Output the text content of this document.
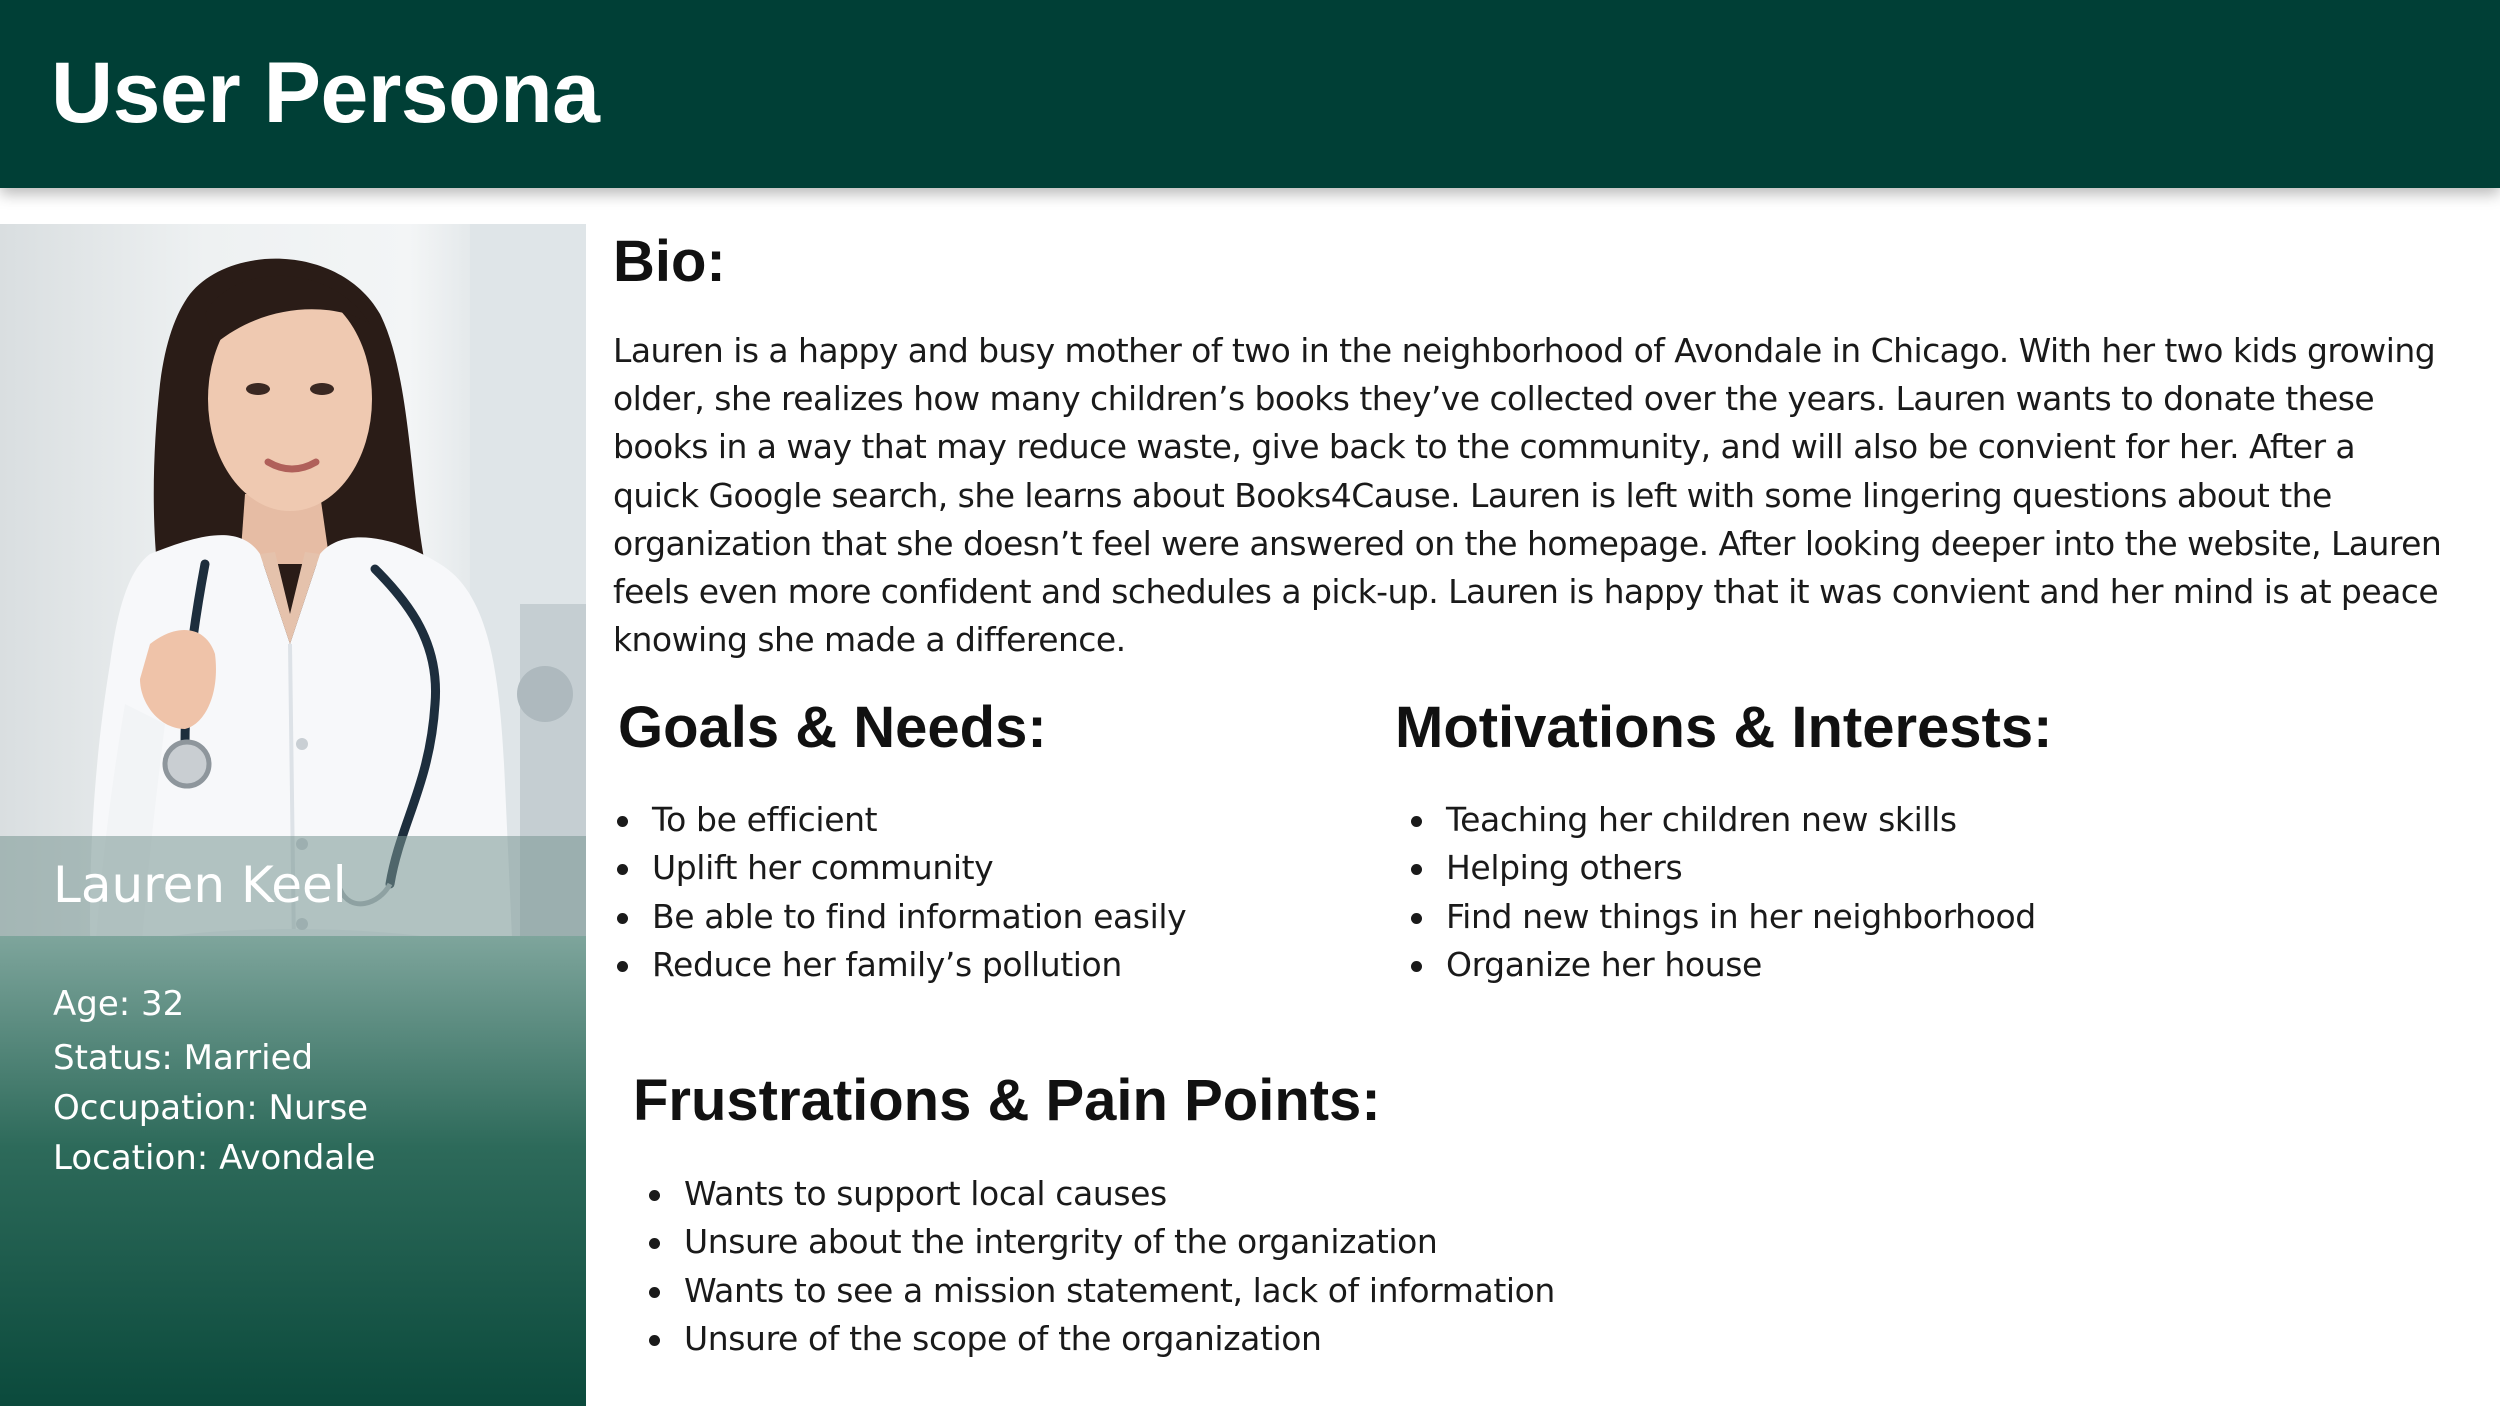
User Persona
Lauren Keel
Age: 32
Status: Married
Occupation: Nurse
Location: Avondale
Bio:
Lauren is a happy and busy mother of two in the neighborhood of Avondale in Chicago. With her two kids growing older, she realizes how many children’s books they’ve collected over the years. Lauren wants to donate these books in a way that may reduce waste, give back to the community, and will also be convient for her. After a quick Google search, she learns about Books4Cause. Lauren is left with some lingering questions about the organization that she doesn’t feel were answered on the homepage. After looking deeper into the website, Lauren feels even more confident and schedules a pick-up. Lauren is happy that it was convient and her mind is at peace knowing she made a difference.
Goals & Needs:
To be efficient
Uplift her community
Be able to find information easily
Reduce her family’s pollution
Motivations & Interests:
Teaching her children new skills
Helping others
Find new things in her neighborhood
Organize her house
Frustrations & Pain Points:
Wants to support local causes
Unsure about the intergrity of the organization
Wants to see a mission statement, lack of information
Unsure of the scope of the organization
